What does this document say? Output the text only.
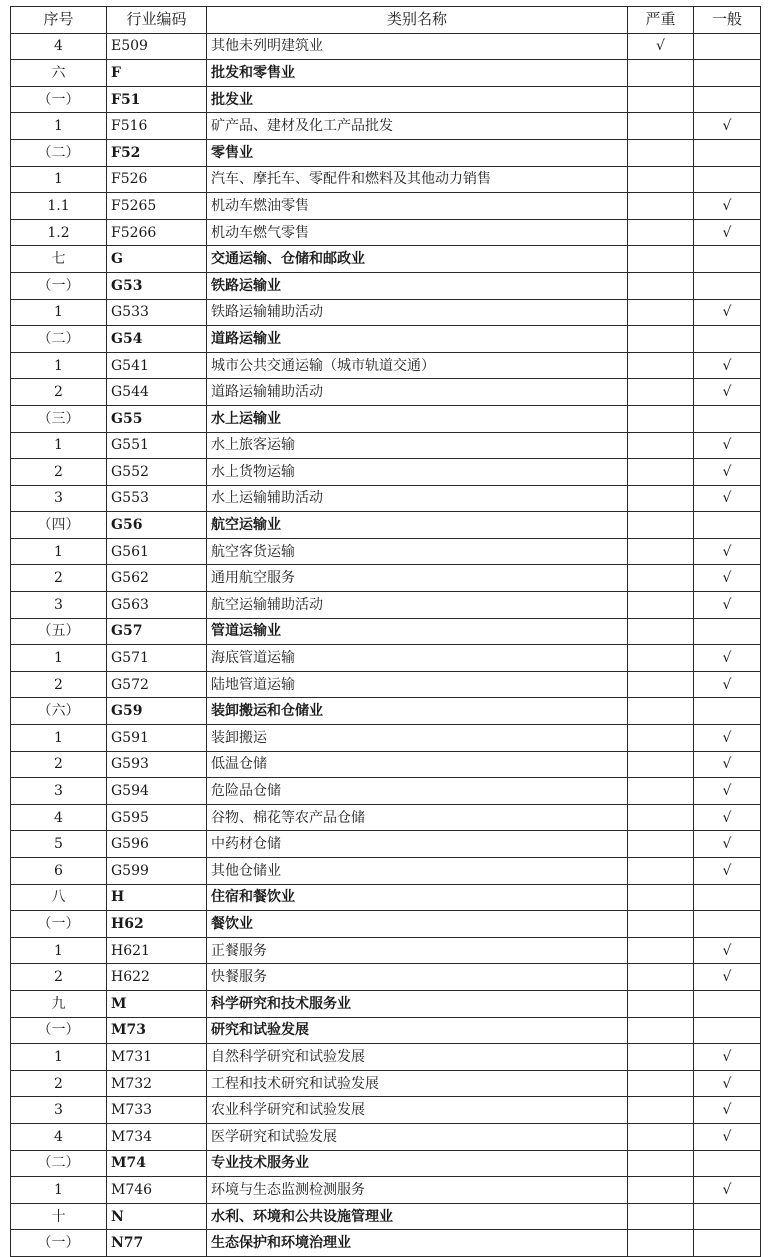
序号	行业编码	类别名称	严重	一般
4	E509	其他未列明建筑业	√	
六	F	批发和零售业		
（一）	F51	批发业		
1	F516	矿产品、建材及化工产品批发		√
（二）	F52	零售业		
1	F526	汽车、摩托车、零配件和燃料及其他动力销售		
1.1	F5265	机动车燃油零售		√
1.2	F5266	机动车燃气零售		√
七	G	交通运输、仓储和邮政业		
（一）	G53	铁路运输业		
1	G533	铁路运输辅助活动		√
（二）	G54	道路运输业		
1	G541	城市公共交通运输（城市轨道交通）		√
2	G544	道路运输辅助活动		√
（三）	G55	水上运输业		
1	G551	水上旅客运输		√
2	G552	水上货物运输		√
3	G553	水上运输辅助活动		√
（四）	G56	航空运输业		
1	G561	航空客货运输		√
2	G562	通用航空服务		√
3	G563	航空运输辅助活动		√
（五）	G57	管道运输业		
1	G571	海底管道运输		√
2	G572	陆地管道运输		√
（六）	G59	装卸搬运和仓储业		
1	G591	装卸搬运		√
2	G593	低温仓储		√
3	G594	危险品仓储		√
4	G595	谷物、棉花等农产品仓储		√
5	G596	中药材仓储		√
6	G599	其他仓储业		√
八	H	住宿和餐饮业		
（一）	H62	餐饮业		
1	H621	正餐服务		√
2	H622	快餐服务		√
九	M	科学研究和技术服务业		
（一）	M73	研究和试验发展		
1	M731	自然科学研究和试验发展		√
2	M732	工程和技术研究和试验发展		√
3	M733	农业科学研究和试验发展		√
4	M734	医学研究和试验发展		√
（二）	M74	专业技术服务业		
1	M746	环境与生态监测检测服务		√
十	N	水利、环境和公共设施管理业		
（一）	N77	生态保护和环境治理业		
